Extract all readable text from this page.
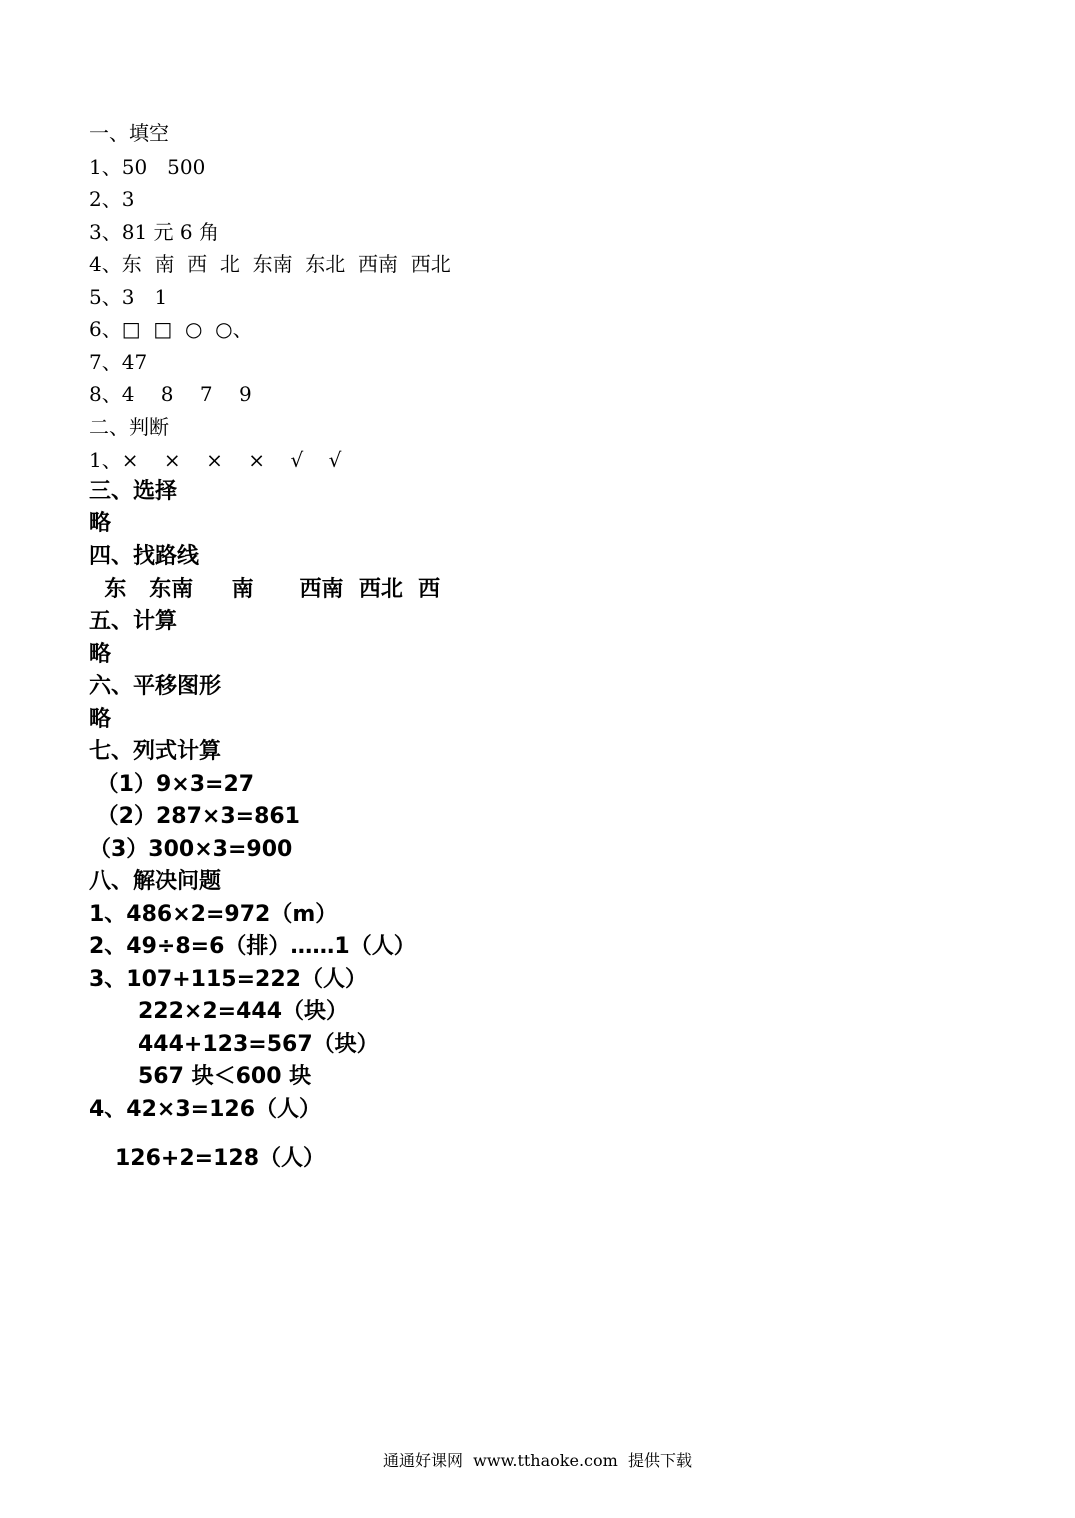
一、填空
1、50　500
2、3
3、81 元 6 角
4、东  南  西  北  东南  东北  西南  西北
5、3　1
6、□  □  ○  ○、
7、47
8、4　 8　 7　 9
二、判断
1、×    ×    ×    ×    √    √
三、选择
略
四、找路线
东   东南     南      西南  西北  西
五、计算
略
六、平移图形
略
七、列式计算
（1）9×3=27
（2）287×3=861
（3）300×3=900
八、解决问题
1、486×2=972（m）
2、49÷8=6（排）……1（人）
3、107+115=222（人）
222×2=444（块）
444+123=567（块）
567 块＜600 块
4、42×3=126（人）
126+2=128（人）
通通好课网  www.tthaoke.com  提供下载
